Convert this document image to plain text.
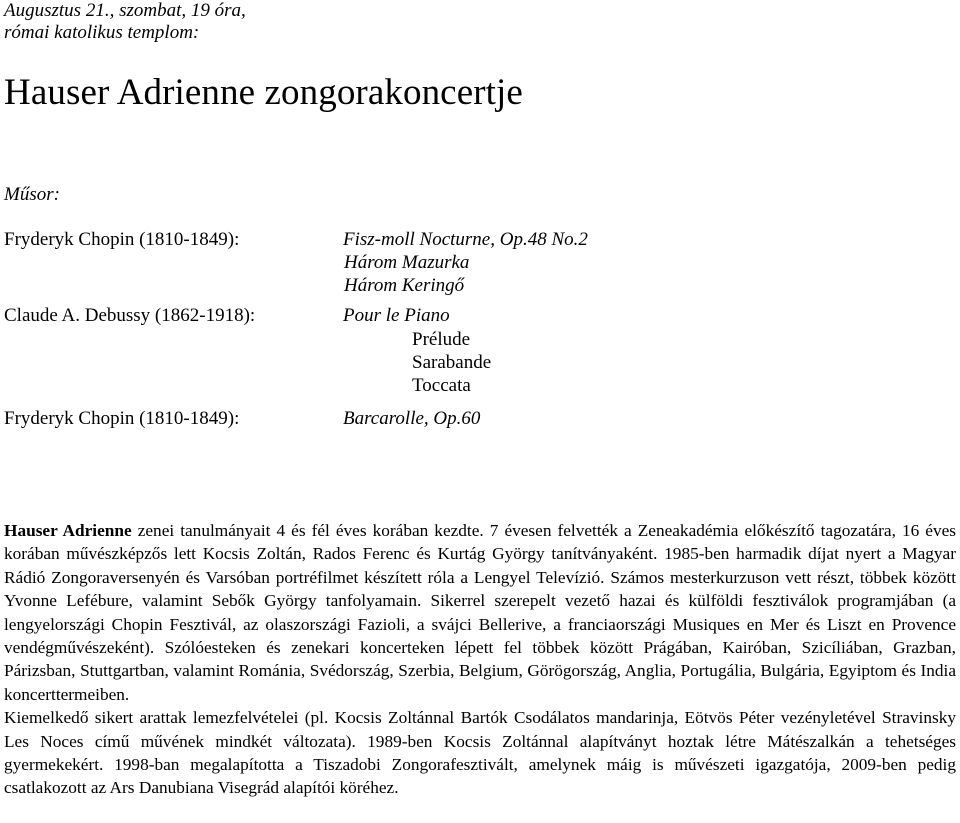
Augusztus 21., szombat, 19 óra,
római katolikus templom:
Hauser Adrienne zongorakoncertje
Műsor:
Fryderyk Chopin (1810-1849):	Fisz-moll Nocturne, Op.48 No.2
Három Mazurka
Három Keringő
Claude A. Debussy (1862-1918):	Pour le Piano
Prélude
Sarabande
Toccata
Fryderyk Chopin (1810-1849):	Barcarolle, Op.60

Hauser Adrienne zenei tanulmányait 4 és fél éves korában kezdte. 7 évesen felvették a Zeneakadémia előkészítő tagozatára, 16 éves korában művészképzős lett Kocsis Zoltán, Rados Ferenc és Kurtág György tanítványaként. 1985-ben harmadik díjat nyert a Magyar Rádió Zongoraversenyén és Varsóban portréfilmet készített róla a Lengyel Televízió. Számos mesterkurzuson vett részt, többek között Yvonne Lefébure, valamint Sebők György tanfolyamain. Sikerrel szerepelt vezető hazai és külföldi fesztiválok programjában (a lengyelországi Chopin Fesztivál, az olaszországi Fazioli, a svájci Bellerive, a franciaországi Musiques en Mer és Liszt en Provence vendégművészeként). Szólóesteken és zenekari koncerteken lépett fel többek között Prágában, Kairóban, Szicíliában, Grazban, Párizsban, Stuttgartban, valamint Románia, Svédország, Szerbia, Belgium, Görögország, Anglia, Portugália, Bulgária, Egyiptom és India koncerttermeiben.

Kiemelkedő sikert arattak lemezfelvételei (pl. Kocsis Zoltánnal Bartók Csodálatos mandarinja, Eötvös Péter vezényletével Stravinsky Les Noces című művének mindkét változata). 1989-ben Kocsis Zoltánnal alapítványt hoztak létre Mátészalkán a tehetséges gyermekekért. 1998-ban megalapította a Tiszadobi Zongorafesztivált, amelynek máig is művészeti igazgatója, 2009-ben pedig csatlakozott az Ars Danubiana Visegrád alapítói köréhez.
